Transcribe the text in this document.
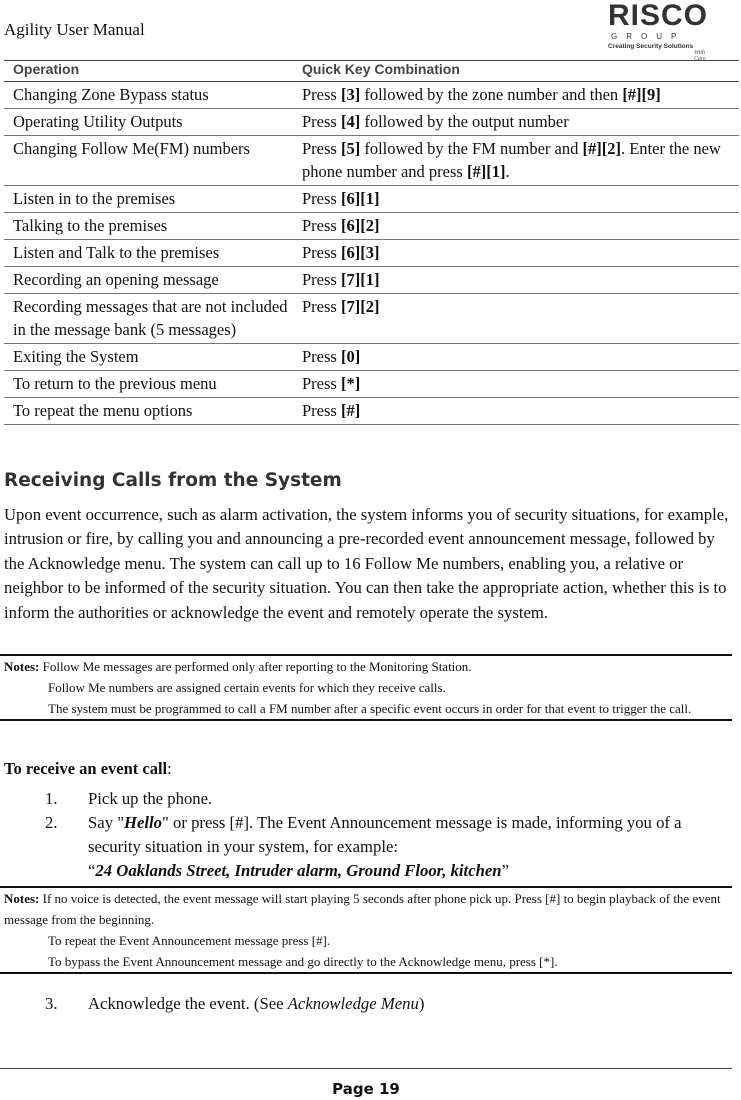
Agility User Manual	RISCO
GROUP
Creating Security Solutions
With Care
Operation	Quick Key Combination
Changing Zone Bypass status	Press [3] followed by the zone number and then [#][9]
Operating Utility Outputs	Press [4] followed by the output number
Changing Follow Me(FM) numbers	Press [5] followed by the FM number and [#][2]. Enter the new phone number and press [#][1].
Listen in to the premises	Press [6][1]
Talking to the premises	Press [6][2]
Listen and Talk to the premises	Press [6][3]
Recording an opening message	Press [7][1]
Recording messages that are not included in the message bank (5 messages)	Press [7][2]
Exiting the System	Press [0]
To return to the previous menu	Press [*]
To repeat the menu options	Press [#]
Receiving Calls from the System
Upon event occurrence, such as alarm activation, the system informs you of security situations, for example, intrusion or fire, by calling you and announcing a pre-recorded event announcement message, followed by the Acknowledge menu. The system can call up to 16 Follow Me numbers, enabling you, a relative or neighbor to be informed of the security situation. You can then take the appropriate action, whether this is to inform the authorities or acknowledge the event and remotely operate the system.
Notes: Follow Me messages are performed only after reporting to the Monitoring Station.
Follow Me numbers are assigned certain events for which they receive calls.
The system must be programmed to call a FM number after a specific event occurs in order for that event to trigger the call.
To receive an event call:
1.	Pick up the phone.
2.	Say "Hello" or press [#]. The Event Announcement message is made, informing you of a security situation in your system, for example:
“24 Oaklands Street, Intruder alarm, Ground Floor, kitchen”
Notes: If no voice is detected, the event message will start playing 5 seconds after phone pick up. Press [#] to begin playback of the event message from the beginning.
To repeat the Event Announcement message press [#].
To bypass the Event Announcement message and go directly to the Acknowledge menu, press [*].
3.	Acknowledge the event. (See Acknowledge Menu)
Page 19
